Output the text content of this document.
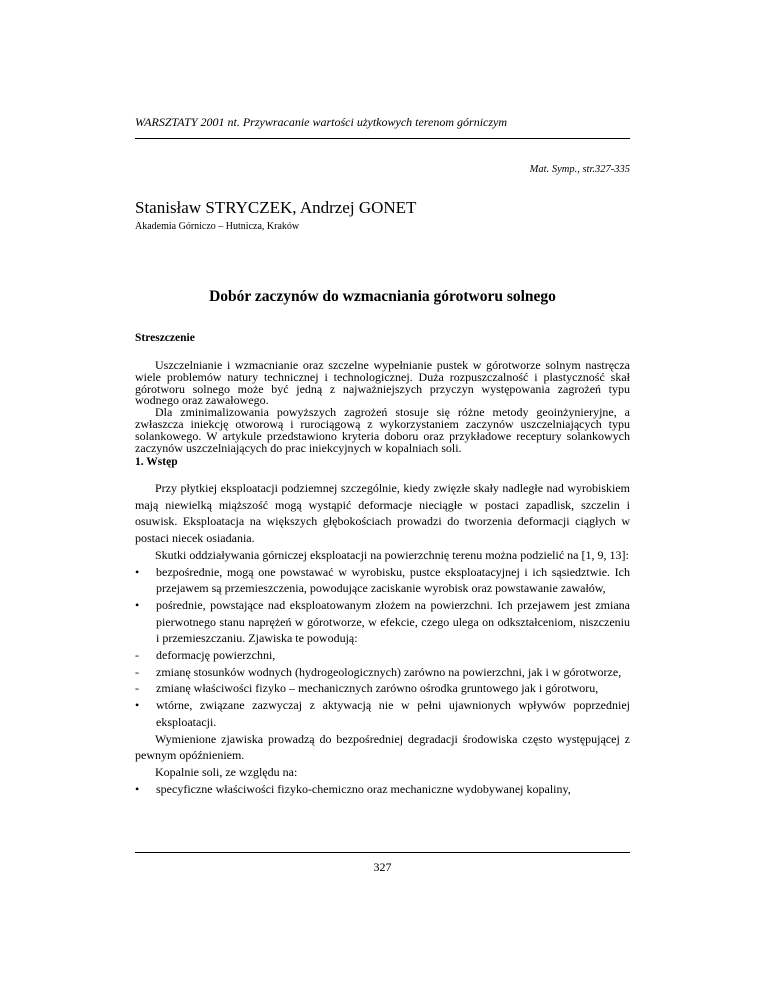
WARSZTATY 2001 nt. Przywracanie wartości użytkowych terenom górniczym
Mat. Symp., str.327-335
Stanisław STRYCZEK, Andrzej GONET
Akademia Górniczo – Hutnicza, Kraków
Dobór zaczynów do wzmacniania górotworu solnego
Streszczenie

Uszczelnianie i wzmacnianie oraz szczelne wypełnianie pustek w górotworze solnym nastręcza wiele problemów natury technicznej i technologicznej. Duża rozpuszczalność i plastyczność skał górotworu solnego może być jedną z najważniejszych przyczyn występowania zagrożeń typu wodnego oraz zawałowego.

Dla zminimalizowania powyższych zagrożeń stosuje się różne metody geoinżynieryjne, a zwłaszcza iniekcję otworową i rurociągową z wykorzystaniem zaczynów uszczelniających typu solankowego. W artykule przedstawiono kryteria doboru oraz przykładowe receptury solankowych zaczynów uszczelniających do prac iniekcyjnych w kopalniach soli.

1. Wstęp

Przy płytkiej eksploatacji podziemnej szczególnie, kiedy zwięzłe skały nadległe nad wyrobiskiem mają niewielką miąższość mogą wystąpić deformacje nieciągłe w postaci zapadlisk, szczelin i osuwisk. Eksploatacja na większych głębokościach prowadzi do tworzenia deformacji ciągłych w postaci niecek osiadania.

Skutki oddziaływania górniczej eksploatacji na powierzchnię terenu można podzielić na [1, 9, 13]:

•	bezpośrednie, mogą one powstawać w wyrobisku, pustce eksploatacyjnej i ich sąsiedztwie. Ich przejawem są przemieszczenia, powodujące zaciskanie wyrobisk oraz powstawanie zawałów,
•	pośrednie, powstające nad eksploatowanym złożem na powierzchni. Ich przejawem jest zmiana pierwotnego stanu naprężeń w górotworze, w efekcie, czego ulega on odkształceniom, niszczeniu i przemieszczaniu. Zjawiska te powodują:
-	deformację powierzchni,
-	zmianę stosunków wodnych (hydrogeologicznych) zarówno na powierzchni, jak i w górotworze,
-	zmianę właściwości fizyko – mechanicznych zarówno ośrodka gruntowego jak i górotworu,
•	wtórne, związane zazwyczaj z aktywacją nie w pełni ujawnionych wpływów poprzedniej eksploatacji.

Wymienione zjawiska prowadzą do bezpośredniej degradacji środowiska często występującej z pewnym opóźnieniem.

Kopalnie soli, ze względu na:

•	specyficzne właściwości fizyko-chemiczno oraz mechaniczne wydobywanej kopaliny,
327
